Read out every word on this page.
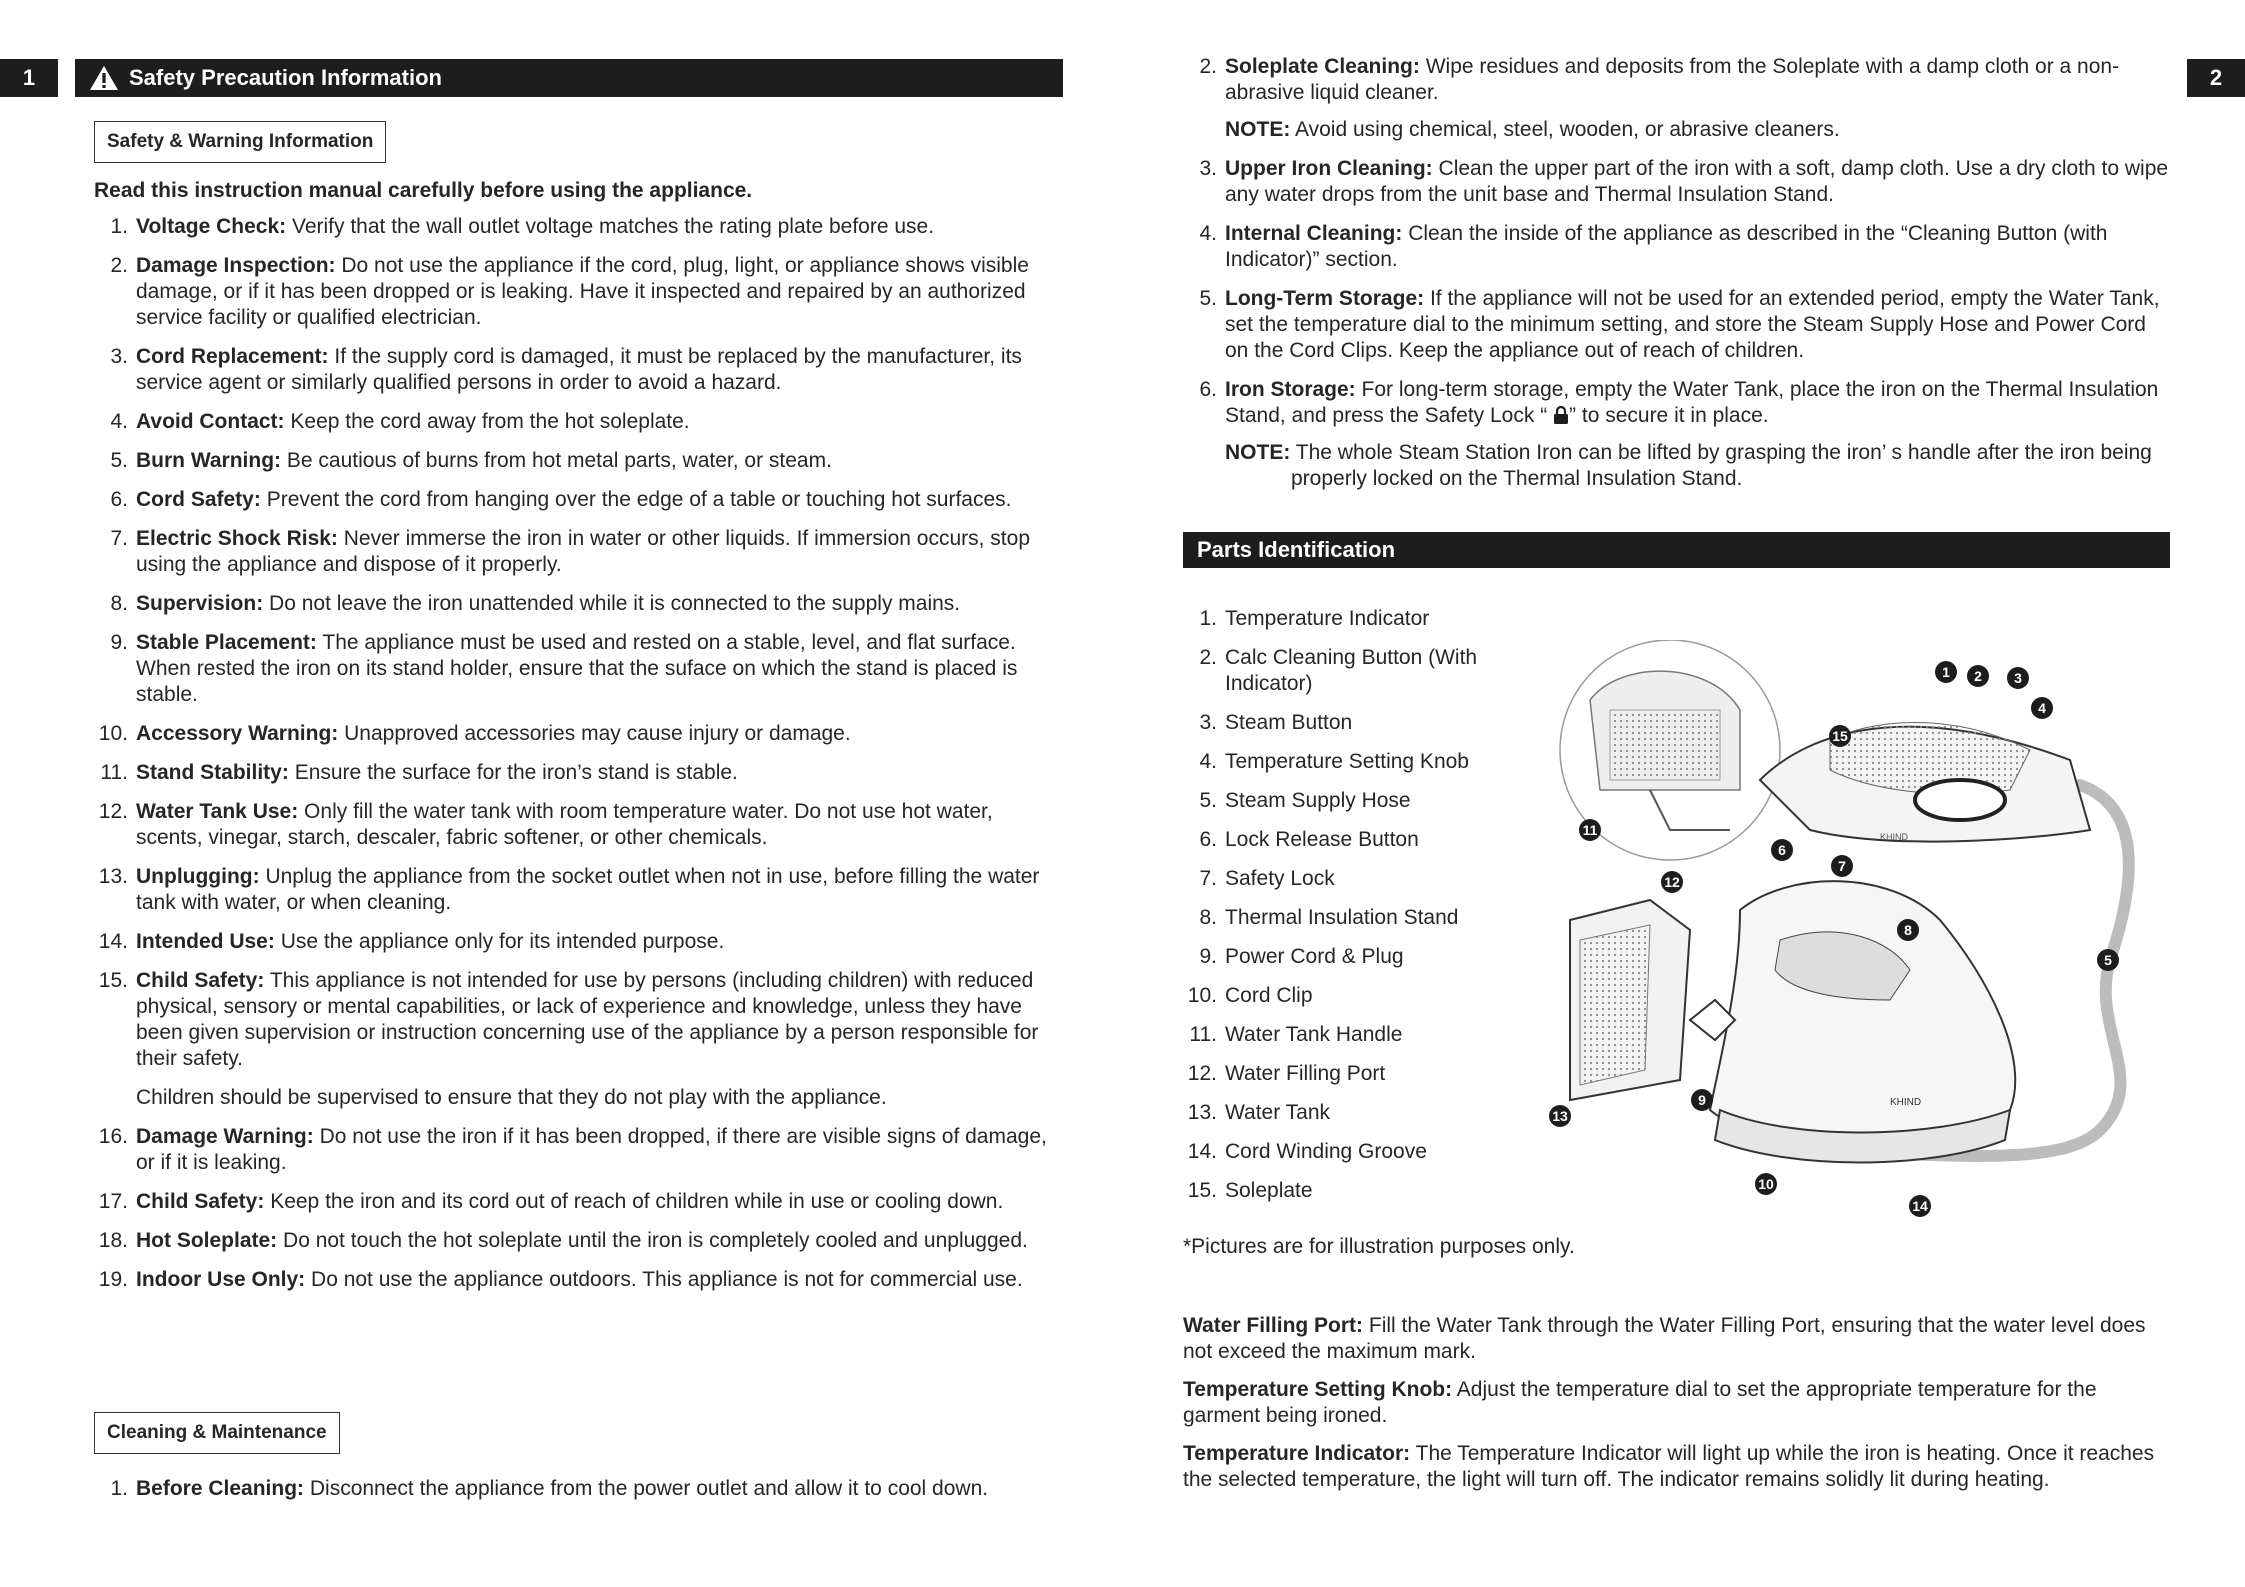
1	Safety Precaution Information
Safety & Warning Information
Read this instruction manual carefully before using the appliance.
1. Voltage Check: Verify that the wall outlet voltage matches the rating plate before use.
2. Damage Inspection: Do not use the appliance if the cord, plug, light, or appliance shows visible damage, or if it has been dropped or is leaking. Have it inspected and repaired by an authorized service facility or qualified electrician.
3. Cord Replacement: If the supply cord is damaged, it must be replaced by the manufacturer, its service agent or similarly qualified persons in order to avoid a hazard.
4. Avoid Contact: Keep the cord away from the hot soleplate.
5. Burn Warning: Be cautious of burns from hot metal parts, water, or steam.
6. Cord Safety: Prevent the cord from hanging over the edge of a table or touching hot surfaces.
7. Electric Shock Risk: Never immerse the iron in water or other liquids. If immersion occurs, stop using the appliance and dispose of it properly.
8. Supervision: Do not leave the iron unattended while it is connected to the supply mains.
9. Stable Placement: The appliance must be used and rested on a stable, level, and flat surface. When rested the iron on its stand holder, ensure that the suface on which the stand is placed is stable.
10. Accessory Warning: Unapproved accessories may cause injury or damage.
11. Stand Stability: Ensure the surface for the iron’s stand is stable.
12. Water Tank Use: Only fill the water tank with room temperature water. Do not use hot water, scents, vinegar, starch, descaler, fabric softener, or other chemicals.
13. Unplugging: Unplug the appliance from the socket outlet when not in use, before filling the water tank with water, or when cleaning.
14. Intended Use: Use the appliance only for its intended purpose.
15. Child Safety: This appliance is not intended for use by persons (including children) with reduced physical, sensory or mental capabilities, or lack of experience and knowledge, unless they have been given supervision or instruction concerning use of the appliance by a person responsible for their safety.
Children should be supervised to ensure that they do not play with the appliance.
16. Damage Warning: Do not use the iron if it has been dropped, if there are visible signs of damage, or if it is leaking.
17. Child Safety: Keep the iron and its cord out of reach of children while in use or cooling down.
18. Hot Soleplate: Do not touch the hot soleplate until the iron is completely cooled and unplugged.
19. Indoor Use Only: Do not use the appliance outdoors. This appliance is not for commercial use.
Cleaning & Maintenance
1. Before Cleaning: Disconnect the appliance from the power outlet and allow it to cool down.
2
2. Soleplate Cleaning: Wipe residues and deposits from the Soleplate with a damp cloth or a non-abrasive liquid cleaner.
NOTE: Avoid using chemical, steel, wooden, or abrasive cleaners.
3. Upper Iron Cleaning: Clean the upper part of the iron with a soft, damp cloth. Use a dry cloth to wipe any water drops from the unit base and Thermal Insulation Stand.
4. Internal Cleaning: Clean the inside of the appliance as described in the “Cleaning Button (with Indicator)” section.
5. Long-Term Storage: If the appliance will not be used for an extended period, empty the Water Tank, set the temperature dial to the minimum setting, and store the Steam Supply Hose and Power Cord on the Cord Clips. Keep the appliance out of reach of children.
6. Iron Storage: For long-term storage, empty the Water Tank, place the iron on the Thermal Insulation Stand, and press the Safety Lock “ ” to secure it in place.
NOTE: The whole Steam Station Iron can be lifted by grasping the iron’ s handle after the iron being properly locked on the Thermal Insulation Stand.
Parts Identification
1. Temperature Indicator
2. Calc Cleaning Button (With Indicator)
3. Steam Button
4. Temperature Setting Knob
5. Steam Supply Hose
6. Lock Release Button
7. Safety Lock
8. Thermal Insulation Stand
9. Power Cord & Plug
10. Cord Clip
11. Water Tank Handle
12. Water Filling Port
13. Water Tank
14. Cord Winding Groove
15. Soleplate
KHIND
KHIND
1 2 3
4
5
6
7
8
9
10
11
12
13
14
15
*Pictures are for illustration purposes only.
Water Filling Port: Fill the Water Tank through the Water Filling Port, ensuring that the water level does not exceed the maximum mark.
Temperature Setting Knob: Adjust the temperature dial to set the appropriate temperature for the garment being ironed.
Temperature Indicator: The Temperature Indicator will light up while the iron is heating. Once it reaches the selected temperature, the light will turn off. The indicator remains solidly lit during heating.
